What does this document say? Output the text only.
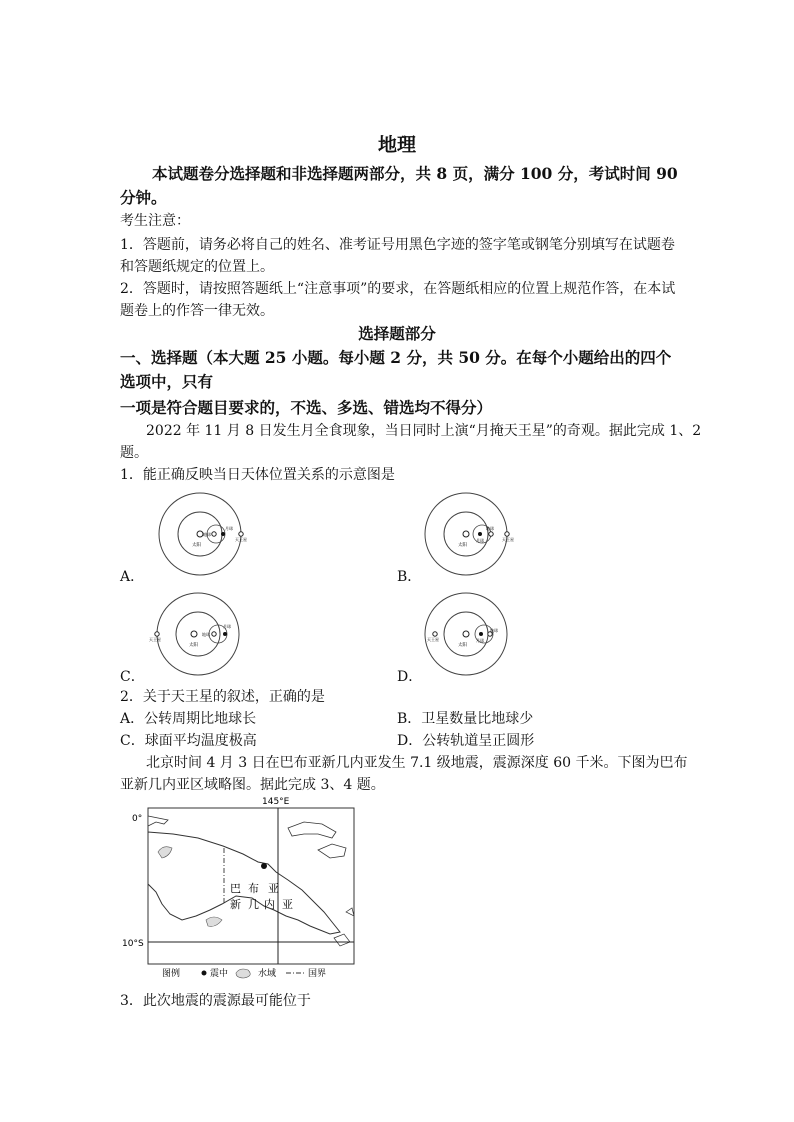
地理
本试题卷分选择题和非选择题两部分，共 8 页，满分 100 分，考试时间 90
分钟。
考生注意：
1．答题前，请务必将自己的姓名、准考证号用黑色字迹的签字笔或钢笔分别填写在试题卷
和答题纸规定的位置上。
2．答题时，请按照答题纸上“注意事项”的要求，在答题纸相应的位置上规范作答，在本试
题卷上的作答一律无效。
选择题部分
一、选择题（本大题 25 小题。每小题 2 分，共 50 分。在每个小题给出的四个
选项中，只有
一项是符合题目要求的，不选、多选、错选均不得分）
2022 年 11 月 8 日发生月全食现象，当日同时上演“月掩天王星”的奇观。据此完成 1、2
题。
1．能正确反映当日天体位置关系的示意图是
太阳
地球
月球
天王星
A．
太阳
月球
地球
天王星
B．
太阳
地球
月球
天王星
C．
太阳
月球
地球
天王星
D．
2．关于天王星的叙述，正确的是
A．公转周期比地球长	B．卫星数量比地球少
C．球面平均温度极高	D．公转轨道呈正圆形
北京时间 4 月 3 日在巴布亚新几内亚发生 7.1 级地震，震源深度 60 千米。下图为巴布
亚新几内亚区域略图。据此完成 3、4 题。
145°E
0°
10°S
巴 布 亚
新 几 内 亚
图例	震中	水域	国界
3．此次地震的震源最可能位于
